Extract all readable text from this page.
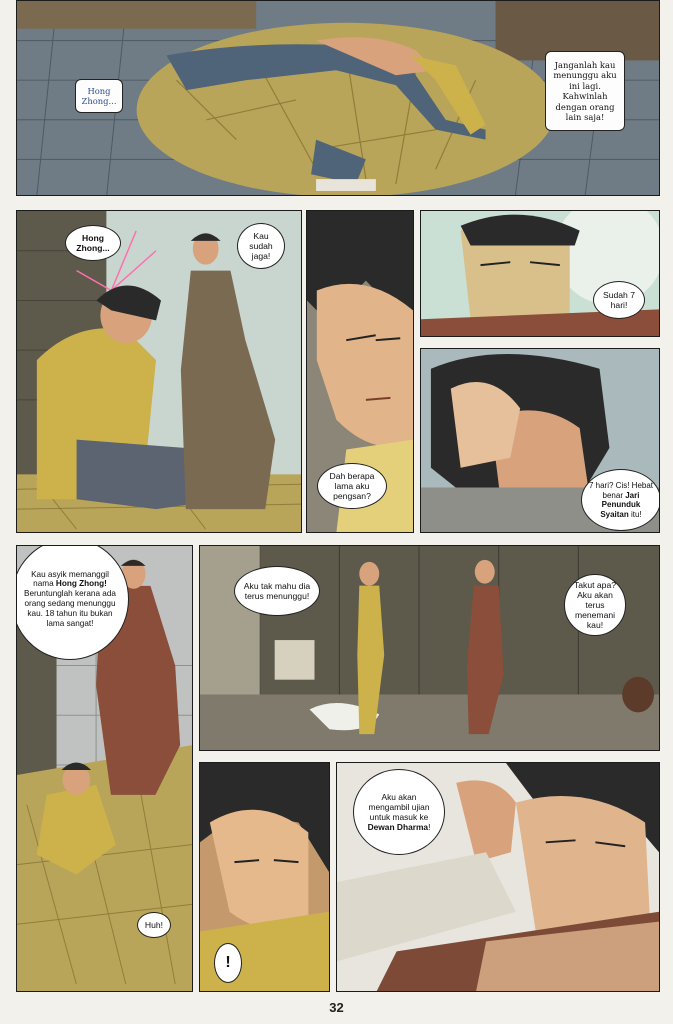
Hong Zhong...
Janganlah kau menunggu aku ini lagi. Kahwinlah dengan orang lain saja!
Hong Zhong...
Kau sudah jaga!
Dah berapa lama aku pengsan?
Sudah 7 hari!
7 hari? Cis! Hebat benar Jari Penunduk Syaitan itu!
Kau asyik memanggil nama Hong Zhong! Beruntunglah kerana ada orang sedang menunggu kau. 18 tahun itu bukan lama sangat!
Huh!
Aku tak mahu dia terus menunggu!
Takut apa? Aku akan terus menemani kau!
!
Aku akan mengambil ujian untuk masuk ke Dewan Dharma!
32
